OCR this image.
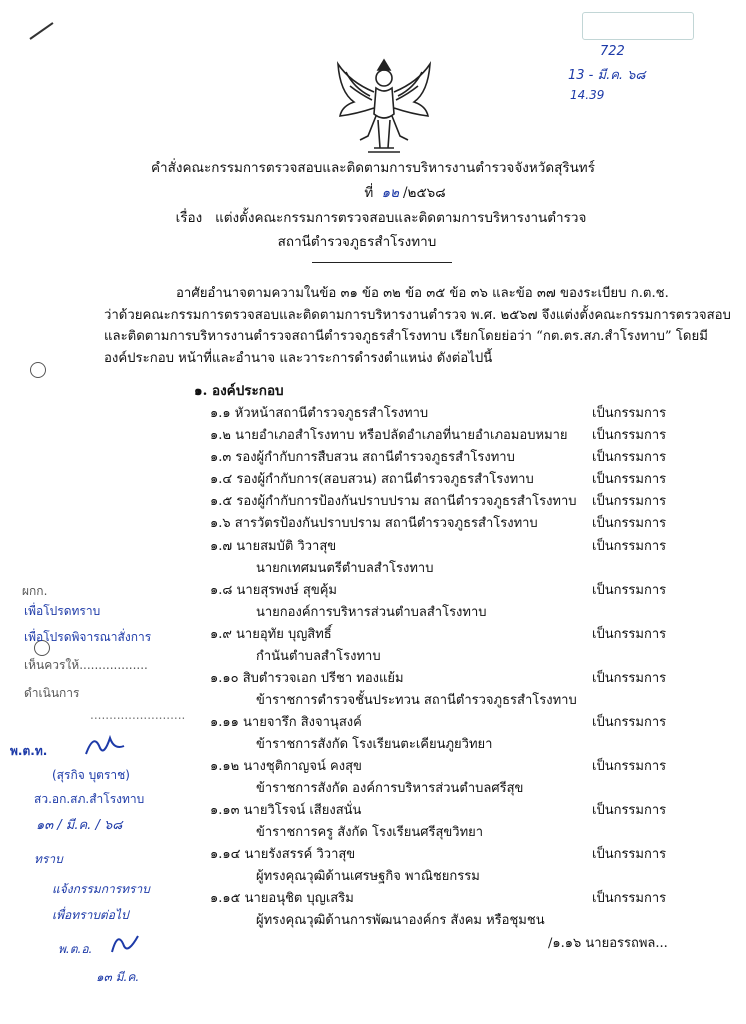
722
13 - มี.ค. ๖๘
14.39
คำสั่งคณะกรรมการตรวจสอบและติดตามการบริหารงานตำรวจจังหวัดสุรินทร์
ที่ ๑๒ /๒๕๖๘
เรื่อง แต่งตั้งคณะกรรมการตรวจสอบและติดตามการบริหารงานตำรวจ
สถานีตำรวจภูธรสำโรงทาบ
อาศัยอำนาจตามความในข้อ ๓๑ ข้อ ๓๒ ข้อ ๓๕ ข้อ ๓๖ และข้อ ๓๗ ของระเบียบ ก.ต.ช.
ว่าด้วยคณะกรรมการตรวจสอบและติดตามการบริหารงานตำรวจ พ.ศ. ๒๕๖๗ จึงแต่งตั้งคณะกรรมการตรวจสอบ
และติดตามการบริหารงานตำรวจสถานีตำรวจภูธรสำโรงทาบ เรียกโดยย่อว่า “กต.ตร.สภ.สำโรงทาบ” โดยมี
องค์ประกอบ หน้าที่และอำนาจ และวาระการดำรงตำแหน่ง ดังต่อไปนี้
๑. องค์ประกอบ
๑.๑ หัวหน้าสถานีตำรวจภูธรสำโรงทาบ	เป็นกรรมการ
๑.๒ นายอำเภอสำโรงทาบ หรือปลัดอำเภอที่นายอำเภอมอบหมาย เป็นกรรมการ
๑.๓ รองผู้กำกับการสืบสวน สถานีตำรวจภูธรสำโรงทาบ	เป็นกรรมการ
๑.๔ รองผู้กำกับการ(สอบสวน) สถานีตำรวจภูธรสำโรงทาบ	เป็นกรรมการ
๑.๕ รองผู้กำกับการป้องกันปราบปราม สถานีตำรวจภูธรสำโรงทาบ เป็นกรรมการ
๑.๖ สารวัตรป้องกันปราบปราม สถานีตำรวจภูธรสำโรงทาบ	เป็นกรรมการ
๑.๗ นายสมบัติ วิวาสุข	เป็นกรรมการ
นายกเทศมนตรีตำบลสำโรงทาบ
๑.๘ นายสุรพงษ์ สุขคุ้ม	เป็นกรรมการ
นายกองค์การบริหารส่วนตำบลสำโรงทาบ
๑.๙ นายอุทัย บุญสิทธิ์	เป็นกรรมการ
กำนันตำบลสำโรงทาบ
๑.๑๐ สิบตำรวจเอก ปรีชา ทองแย้ม	เป็นกรรมการ
ข้าราชการตำรวจชั้นประทวน สถานีตำรวจภูธรสำโรงทาบ
๑.๑๑ นายจารึก สิงจานุสงค์	เป็นกรรมการ
ข้าราชการสังกัด โรงเรียนตะเคียนภูยวิทยา
๑.๑๒ นางชุติกาญจน์ คงสุข	เป็นกรรมการ
ข้าราชการสังกัด องค์การบริหารส่วนตำบลศรีสุข
๑.๑๓ นายวิโรจน์ เสียงสนั่น	เป็นกรรมการ
ข้าราชการครู สังกัด โรงเรียนศรีสุขวิทยา
๑.๑๔ นายรังสรรค์ วิวาสุข	เป็นกรรมการ
ผู้ทรงคุณวุฒิด้านเศรษฐกิจ พาณิชยกรรม
๑.๑๕ นายอนุชิต บุญเสริม	เป็นกรรมการ
ผู้ทรงคุณวุฒิด้านการพัฒนาองค์กร สังคม หรือชุมชน
/๑.๑๖ นายอรรถพล...
ผกก.
เพื่อโปรดทราบ
เพื่อโปรดพิจารณาสั่งการ
เห็นควรให้..................
ดำเนินการ
.........................
พ.ต.ท.
(สุรกิจ บุตราช)
สว.อก.สภ.สำโรงทาบ
๑๓ / มี.ค. / ๖๘
ทราบ
แจ้งกรรมการทราบ
เพื่อทราบต่อไป
พ.ต.อ.
๑๓ มี.ค.
